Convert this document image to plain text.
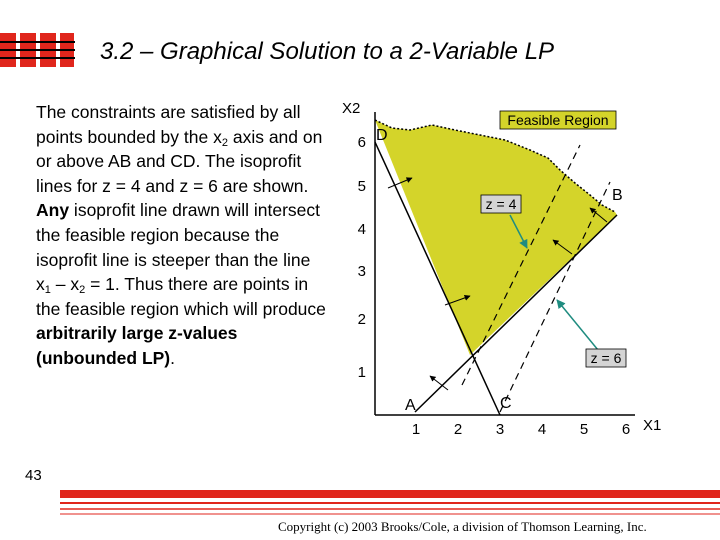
3.2 – Graphical Solution to a 2-Variable LP
The constraints are satisfied by all points bounded by the $x_2$ axis and on or above AB and CD. The isoprofit lines for z = 4 and z = 6 are shown. Any isoprofit line drawn will intersect the feasible region because the isoprofit line is steeper than the line $x_1 - x_2 = 1$. Thus there are points in the feasible region which will produce arbitrarily large z-values (unbounded LP).
Feasible Region
z = 4
z = 6
D
B
A	C
X2
X1
1 2 3 4 5 6
1
2
3
4
5
6
43
Copyright (c) 2003 Brooks/Cole, a division of Thomson Learning, Inc.
